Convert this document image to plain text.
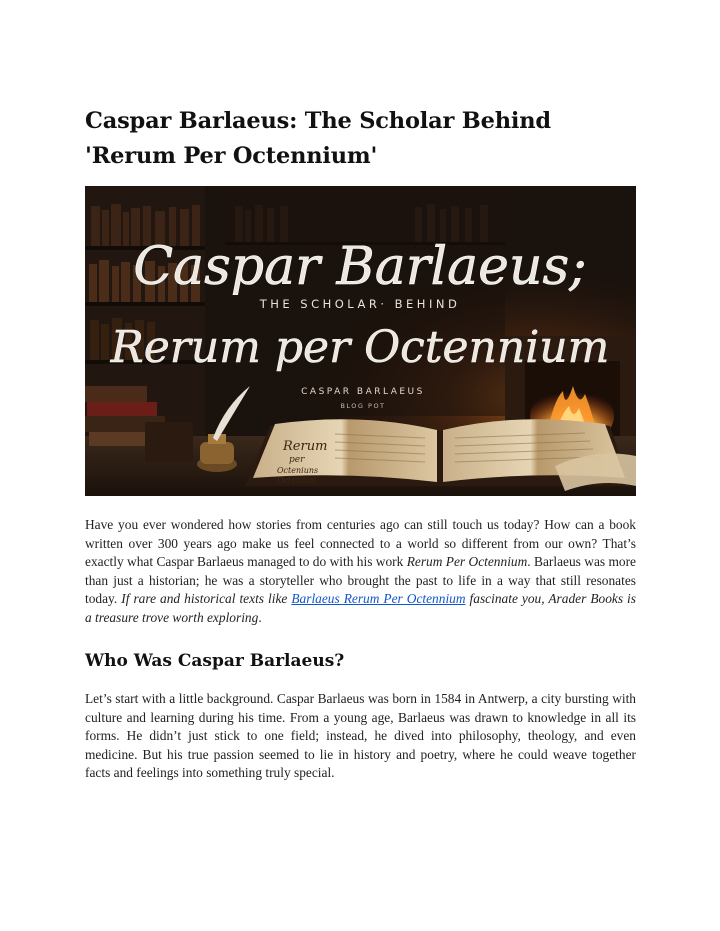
Caspar Barlaeus: The Scholar Behind 'Rerum Per Octennium'
Rerum
per
Octeniuns
Octenium
Caspar Barlaeus;
THE SCHOLAR· BEHIND
Rerum per Octennium
CASPAR BARLAEUS
BLOG POT

Have you ever wondered how stories from centuries ago can still touch us today? How can a book written over 300 years ago make us feel connected to a world so different from our own? That’s exactly what Caspar Barlaeus managed to do with his work Rerum Per Octennium. Barlaeus was more than just a historian; he was a storyteller who brought the past to life in a way that still resonates today. If rare and historical texts like Barlaeus Rerum Per Octennium fascinate you, Arader Books is a treasure trove worth exploring.

Who Was Caspar Barlaeus?

Let’s start with a little background. Caspar Barlaeus was born in 1584 in Antwerp, a city bursting with culture and learning during his time. From a young age, Barlaeus was drawn to knowledge in all its forms. He didn’t just stick to one field; instead, he dived into philosophy, theology, and even medicine. But his true passion seemed to lie in history and poetry, where he could weave together facts and feelings into something truly special.
